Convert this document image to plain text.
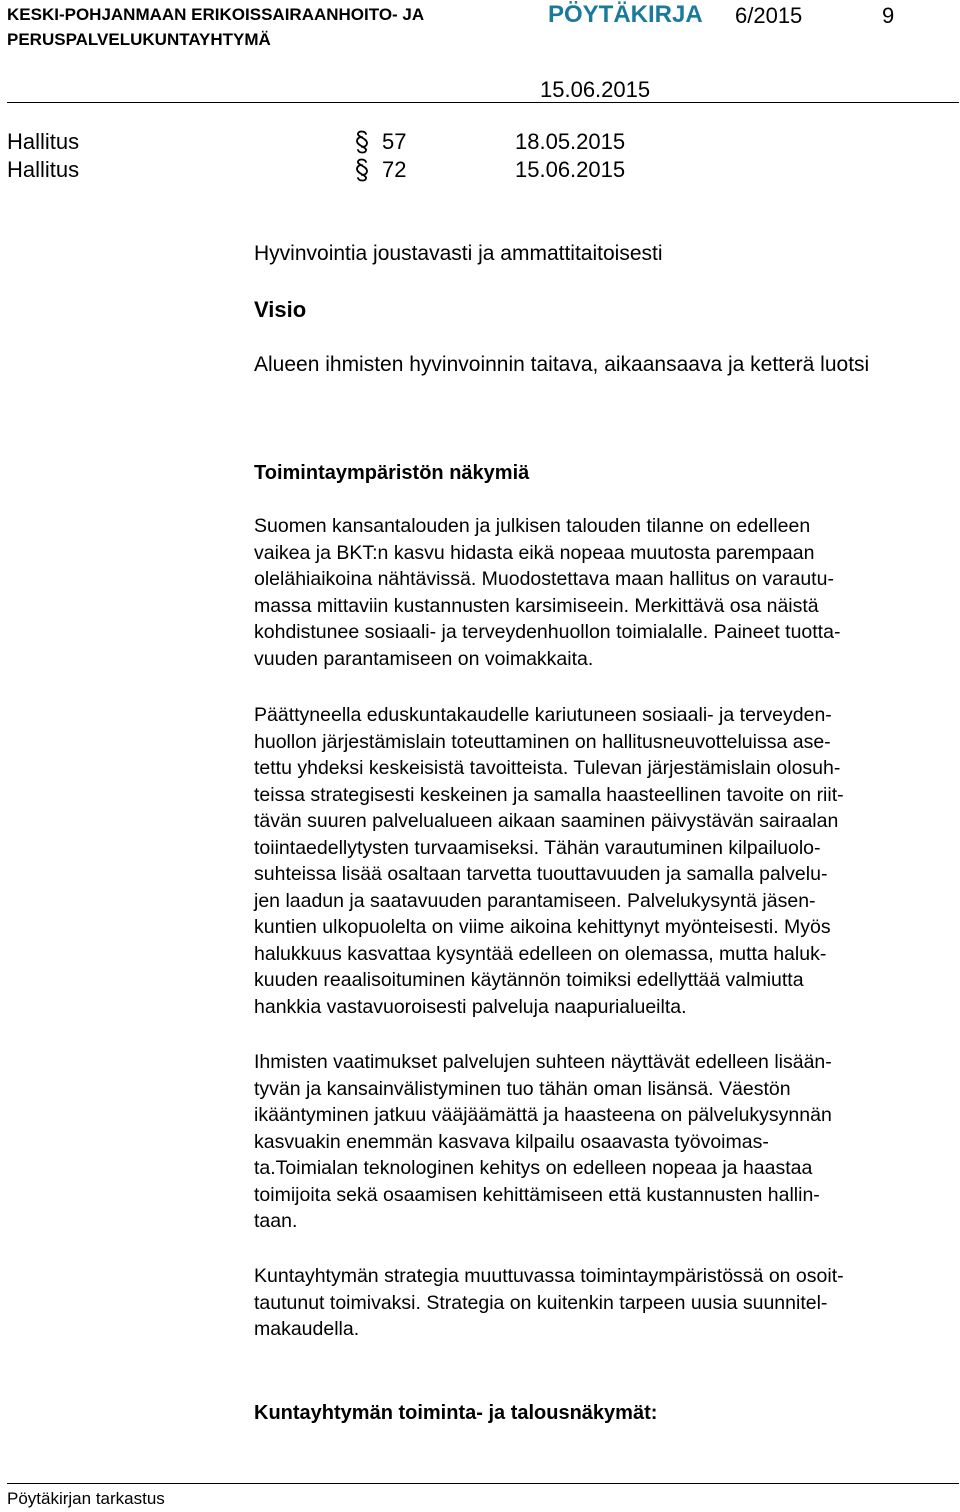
KESKI-POHJANMAAN ERIKOISSAIRAANHOITO- JA
PERUSPALVELUKUNTAYHTYMÄ
PÖYTÄKIRJA 6/2015	9
15.06.2015
Hallitus	57	18.05.2015
Hallitus	72	15.06.2015

Hyvinvointia joustavasti ja ammattitaitoisesti

Visio

Alueen ihmisten hyvinvoinnin taitava, aikaansaava ja ketterä luotsi

Toimintaympäristön näkymiä

Suomen kansantalouden ja julkisen talouden tilanne on edelleen
vaikea ja BKT:n kasvu hidasta eikä nopeaa muutosta parempaan
olelähiaikoina nähtävissä. Muodostettava maan hallitus on varautu-
massa mittaviin kustannusten karsimiseein. Merkittävä osa näistä
kohdistunee sosiaali- ja terveydenhuollon toimialalle. Paineet tuotta-
vuuden parantamiseen on voimakkaita.

Päättyneella eduskuntakaudelle kariutuneen sosiaali- ja terveyden-
huollon järjestämislain toteuttaminen on hallitusneuvotteluissa ase-
tettu yhdeksi keskeisistä tavoitteista. Tulevan järjestämislain olosuh-
teissa strategisesti keskeinen ja samalla haasteellinen tavoite on riit-
tävän suuren palvelualueen aikaan saaminen päivystävän sairaalan
toiintaedellytysten turvaamiseksi. Tähän varautuminen kilpailuolo-
suhteissa lisää osaltaan tarvetta tuouttavuuden ja samalla palvelu-
jen laadun ja saatavuuden parantamiseen. Palvelukysyntä jäsen-
kuntien ulkopuolelta on viime aikoina kehittynyt myönteisesti. Myös
halukkuus kasvattaa kysyntää edelleen on olemassa, mutta haluk-
kuuden reaalisoituminen käytännön toimiksi edellyttää valmiutta
hankkia vastavuoroisesti palveluja naapurialueilta.

Ihmisten vaatimukset palvelujen suhteen näyttävät edelleen lisään-
tyvän ja kansainvälistyminen tuo tähän oman lisänsä. Väestön
ikääntyminen jatkuu vääjäämättä ja haasteena on pälvelukysynnän
kasvuakin enemmän kasvava kilpailu osaavasta työvoimas-
ta.Toimialan teknologinen kehitys on edelleen nopeaa ja haastaa
toimijoita sekä osaamisen kehittämiseen että kustannusten hallin-
taan.

Kuntayhtymän strategia muuttuvassa toimintaympäristössä on osoit-
tautunut toimivaksi. Strategia on kuitenkin tarpeen uusia suunnitel-
makaudella.

Kuntayhtymän toiminta- ja talousnäkymät:

Pöytäkirjan tarkastus
